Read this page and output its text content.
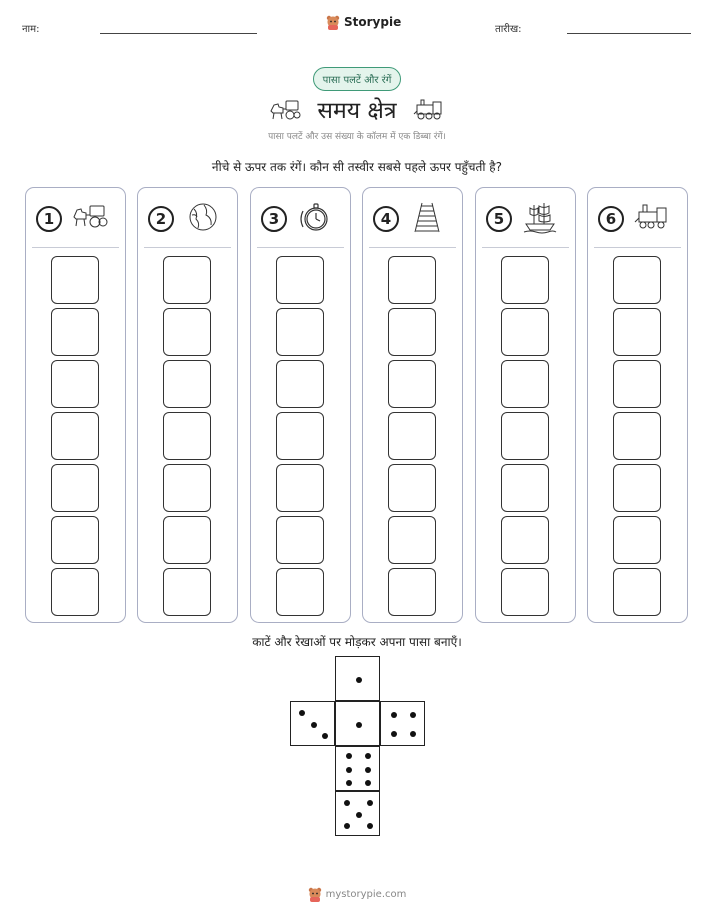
नाम:
Storypie
तारीख:
पासा पलटें और रंगें
समय क्षेत्र
पासा पलटें और उस संख्या के कॉलम में एक डिब्बा रंगें।
नीचे से ऊपर तक रंगें। कौन सी तस्वीर सबसे पहले ऊपर पहुँचती है?
1	2	3	4	5	6
काटें और रेखाओं पर मोड़कर अपना पासा बनाएँ।
mystorypie.com
